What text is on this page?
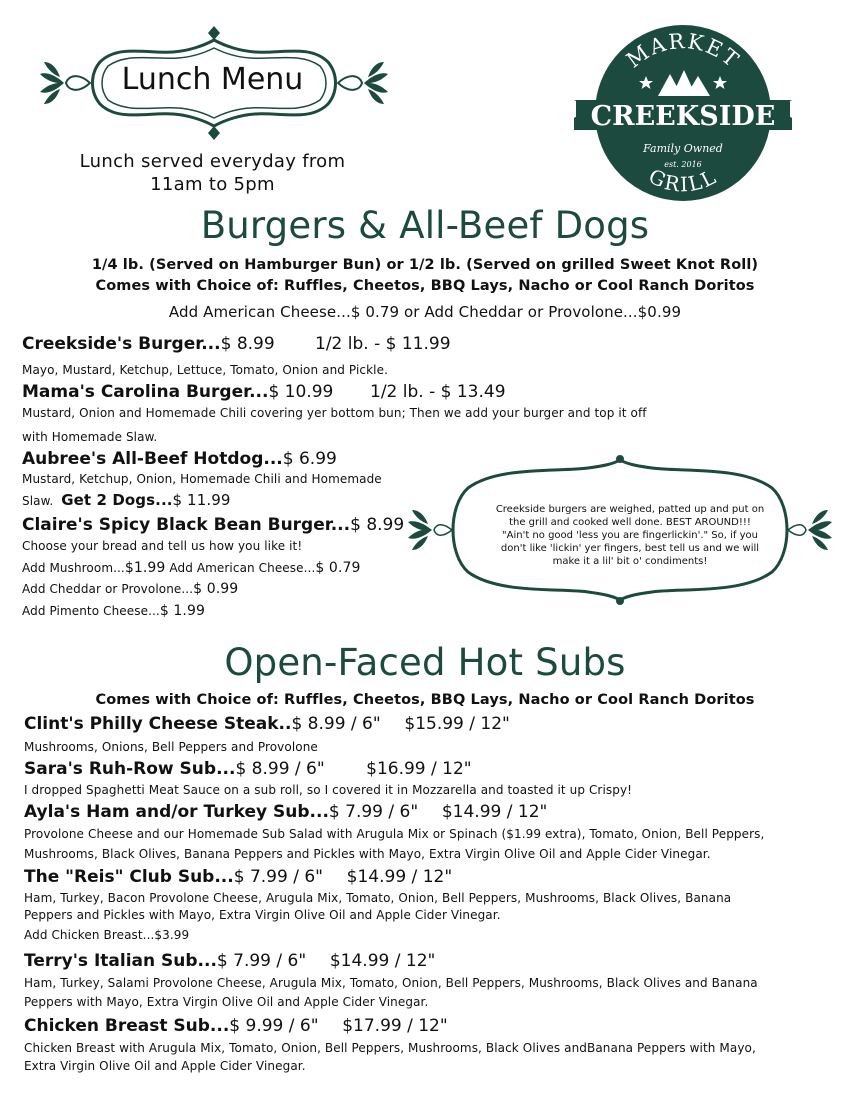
Lunch Menu
Lunch served everyday from
11am to 5pm
MARKET
CREEKSIDE
Family Owned
est. 2016
GRILL
Burgers & All-Beef Dogs
1/4 lb. (Served on Hamburger Bun) or 1/2 lb. (Served on grilled Sweet Knot Roll)
Comes with Choice of: Ruffles, Cheetos, BBQ Lays, Nacho or Cool Ranch Doritos
Add American Cheese...$ 0.79 or Add Cheddar or Provolone...$0.99
Creekside's Burger...$ 8.99 1/2 lb. - $ 11.99
Mayo, Mustard, Ketchup, Lettuce, Tomato, Onion and Pickle.
Mama's Carolina Burger...$ 10.99 1/2 lb. - $ 13.49
Mustard, Onion and Homemade Chili covering yer bottom bun; Then we add your burger and top it off
with Homemade Slaw.
Aubree's All-Beef Hotdog...$ 6.99
Mustard, Ketchup, Onion, Homemade Chili and Homemade
Slaw. Get 2 Dogs...$ 11.99
Claire's Spicy Black Bean Burger...$ 8.99
Choose your bread and tell us how you like it!
Add Mushroom...$1.99 Add American Cheese...$ 0.79
Add Cheddar or Provolone...$ 0.99
Add Pimento Cheese...$ 1.99
Creekside burgers are weighed, patted up and put on
the grill and cooked well done. BEST AROUND!!!
"Ain't no good 'less you are fingerlickin'." So, if you
don't like 'lickin' yer fingers, best tell us and we will
make it a lil' bit o' condiments!
Open-Faced Hot Subs
Comes with Choice of: Ruffles, Cheetos, BBQ Lays, Nacho or Cool Ranch Doritos
Clint's Philly Cheese Steak..$ 8.99 / 6" $15.99 / 12"
Mushrooms, Onions, Bell Peppers and Provolone
Sara's Ruh-Row Sub...$ 8.99 / 6" $16.99 / 12"
I dropped Spaghetti Meat Sauce on a sub roll, so I covered it in Mozzarella and toasted it up Crispy!
Ayla's Ham and/or Turkey Sub...$ 7.99 / 6" $14.99 / 12"
Provolone Cheese and our Homemade Sub Salad with Arugula Mix or Spinach ($1.99 extra), Tomato, Onion, Bell Peppers,
Mushrooms, Black Olives, Banana Peppers and Pickles with Mayo, Extra Virgin Olive Oil and Apple Cider Vinegar.
The "Reis" Club Sub...$ 7.99 / 6" $14.99 / 12"
Ham, Turkey, Bacon Provolone Cheese, Arugula Mix, Tomato, Onion, Bell Peppers, Mushrooms, Black Olives, Banana
Peppers and Pickles with Mayo, Extra Virgin Olive Oil and Apple Cider Vinegar.
Add Chicken Breast...$3.99
Terry's Italian Sub...$ 7.99 / 6" $14.99 / 12"
Ham, Turkey, Salami Provolone Cheese, Arugula Mix, Tomato, Onion, Bell Peppers, Mushrooms, Black Olives and Banana
Peppers with Mayo, Extra Virgin Olive Oil and Apple Cider Vinegar.
Chicken Breast Sub...$ 9.99 / 6" $17.99 / 12"
Chicken Breast with Arugula Mix, Tomato, Onion, Bell Peppers, Mushrooms, Black Olives andBanana Peppers with Mayo,
Extra Virgin Olive Oil and Apple Cider Vinegar.
